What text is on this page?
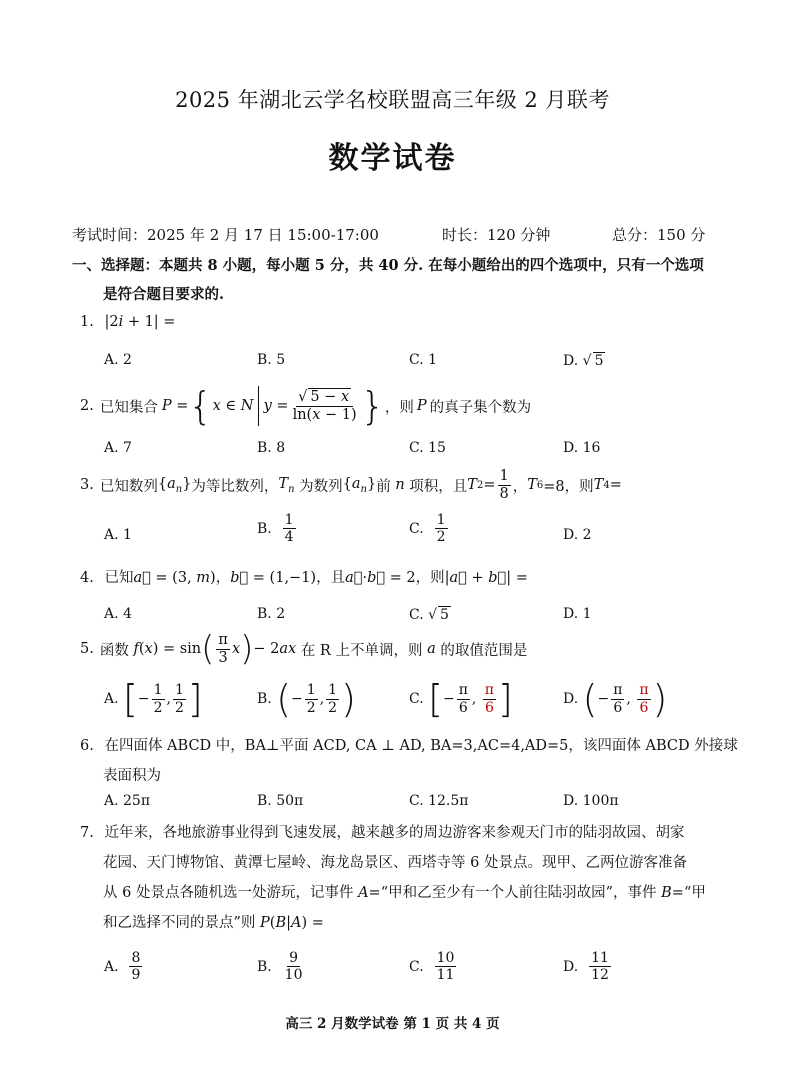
2025 年湖北云学名校联盟高三年级 2 月联考
数学试卷
考试时间：2025 年 2 月 17 日 15:00-17:00	时长：120 分钟	总分：150 分
一、选择题：本题共 8 小题，每小题 5 分，共 40 分. 在每小题给出的四个选项中，只有一个选项
是符合题目要求的.
1. |2i + 1| =
A. 2	B. 5	C. 1	D. √ 5
2. 已知集合 P = { x ∈ N

$y = \frac{√ 5 - x}{\ln(x - 1)}$ } ，则 P 的真子集个数为
A. 7	B. 8	C. 15	D. 16
3. 已知数列 $\{a_n\}$ 为等比数列， $T_n$
为数列 $\{a_n\}$ 前
n
项积，且 T $2 = \frac{1}{8}$ ， T 6 =8，则 T 4 =
A. 1	B.
$\frac{1}{4}$	C.
$\frac{1}{2}$	D. 2
4. 已知a⃗ = (3, m)，b⃗ = (1,−1)，且a⃗·b⃗ = 2，则|a⃗ + b⃗| =
A. 4	B. 2	C. √ 5	D. 1
5. 函数
f ( x ) = sin ( $\frac{\pi}{3}$ x ) − 2 ax
在 R 上不单调，则
a
的取值范围是
A.
[ − $\frac{1}{2}$ , $\frac{1}{2}$ ]	B.
( − $\frac{1}{2}$ , $\frac{1}{2}$ )	C.
[ − $\frac{\pi}{6}$ , $\frac{\pi}{6}$ ]	D.
( − $\frac{\pi}{6}$ , $\frac{\pi}{6}$ )
6. 在四面体 ABCD 中，BA⊥平面 ACD, CA ⊥ AD, BA=3,AC=4,AD=5，该四面体 ABCD 外接球
表面积为
A. 25π	B. 50π	C. 12.5π	D. 100π
7. 近年来，各地旅游事业得到飞速发展，越来越多的周边游客来参观天门市的陆羽故园、胡家
花园、天门博物馆、黄潭七屋岭、海龙岛景区、西塔寺等 6 处景点。现甲、乙两位游客准备
从 6 处景点各随机选一处游玩，记事件 A=“甲和乙至少有一个人前往陆羽故园”，事件 B=“甲
和乙选择不同的景点”则 P(B|A) =
A.
$\frac{8}{9}$	B.
$\frac{9}{10}$	C.
$\frac{10}{11}$	D.
$\frac{11}{12}$
高三 2 月数学试卷 第 1 页 共 4 页
